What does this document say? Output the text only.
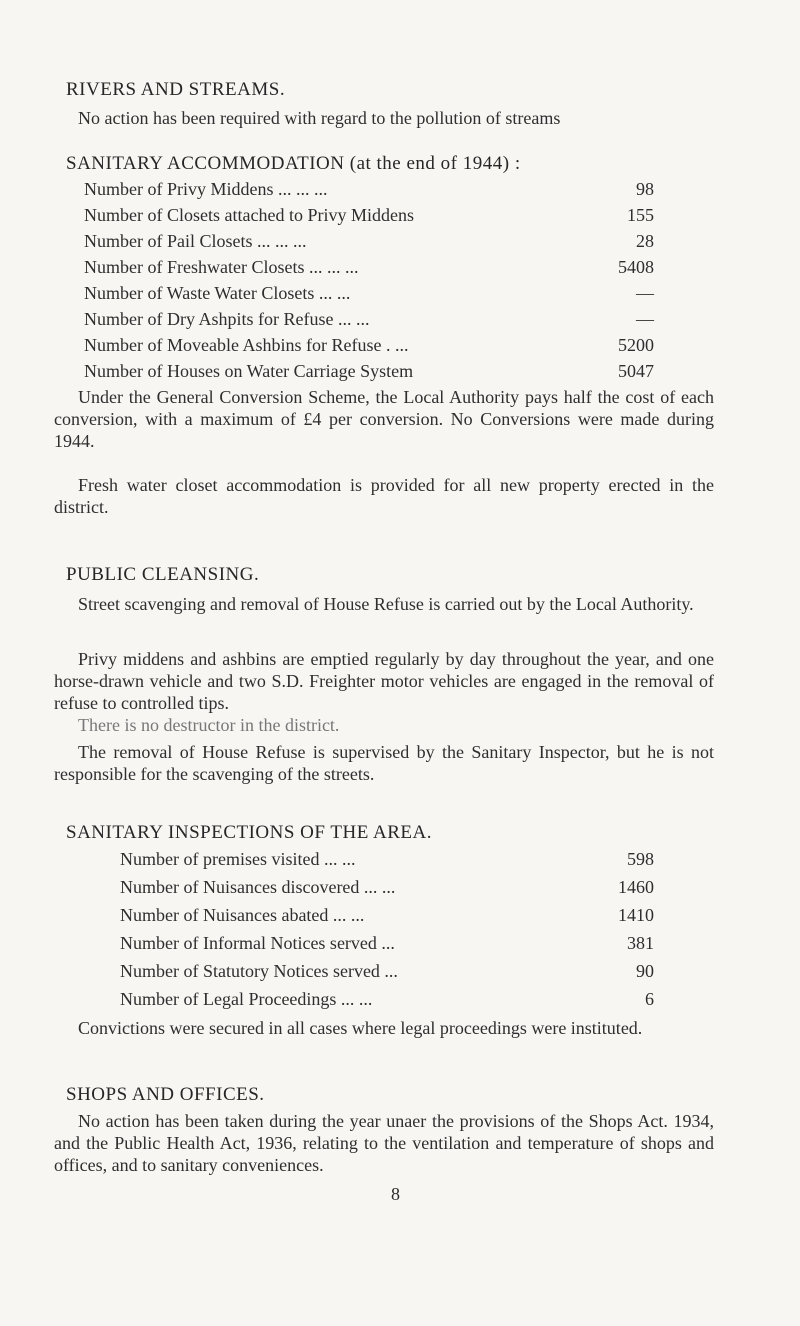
RIVERS AND STREAMS.
No action has been required with regard to the pollution of streams
SANITARY ACCOMMODATION (at the end of 1944) :
Number of Privy Middens ... ... ...	98
Number of Closets attached to Privy Middens	155
Number of Pail Closets ... ... ...	28
Number of Freshwater Closets ... ... ...	5408
Number of Waste Water Closets ... ...	—
Number of Dry Ashpits for Refuse ... ...	—
Number of Moveable Ashbins for Refuse . ...	5200
Number of Houses on Water Carriage System	5047
Under the General Conversion Scheme, the Local Authority pays half the cost of each conversion, with a maximum of £4 per conversion. No Conversions were made during 1944.
Fresh water closet accommodation is provided for all new property erected in the district.
PUBLIC CLEANSING.
Street scavenging and removal of House Refuse is carried out by the Local Authority.
Privy middens and ashbins are emptied regularly by day throughout the year, and one horse-drawn vehicle and two S.D. Freighter motor vehicles are engaged in the removal of refuse to controlled tips.
There is no destructor in the district.
The removal of House Refuse is supervised by the Sanitary Inspector, but he is not responsible for the scavenging of the streets.
SANITARY INSPECTIONS OF THE AREA.
Number of premises visited ... ...	598
Number of Nuisances discovered ... ...	1460
Number of Nuisances abated ... ...	1410
Number of Informal Notices served ...	381
Number of Statutory Notices served ...	90
Number of Legal Proceedings ... ...	6
Convictions were secured in all cases where legal proceedings were instituted.
SHOPS AND OFFICES.
No action has been taken during the year unaer the provisions of the Shops Act. 1934, and the Public Health Act, 1936, relating to the ventilation and temperature of shops and offices, and to sanitary conveniences.
8
